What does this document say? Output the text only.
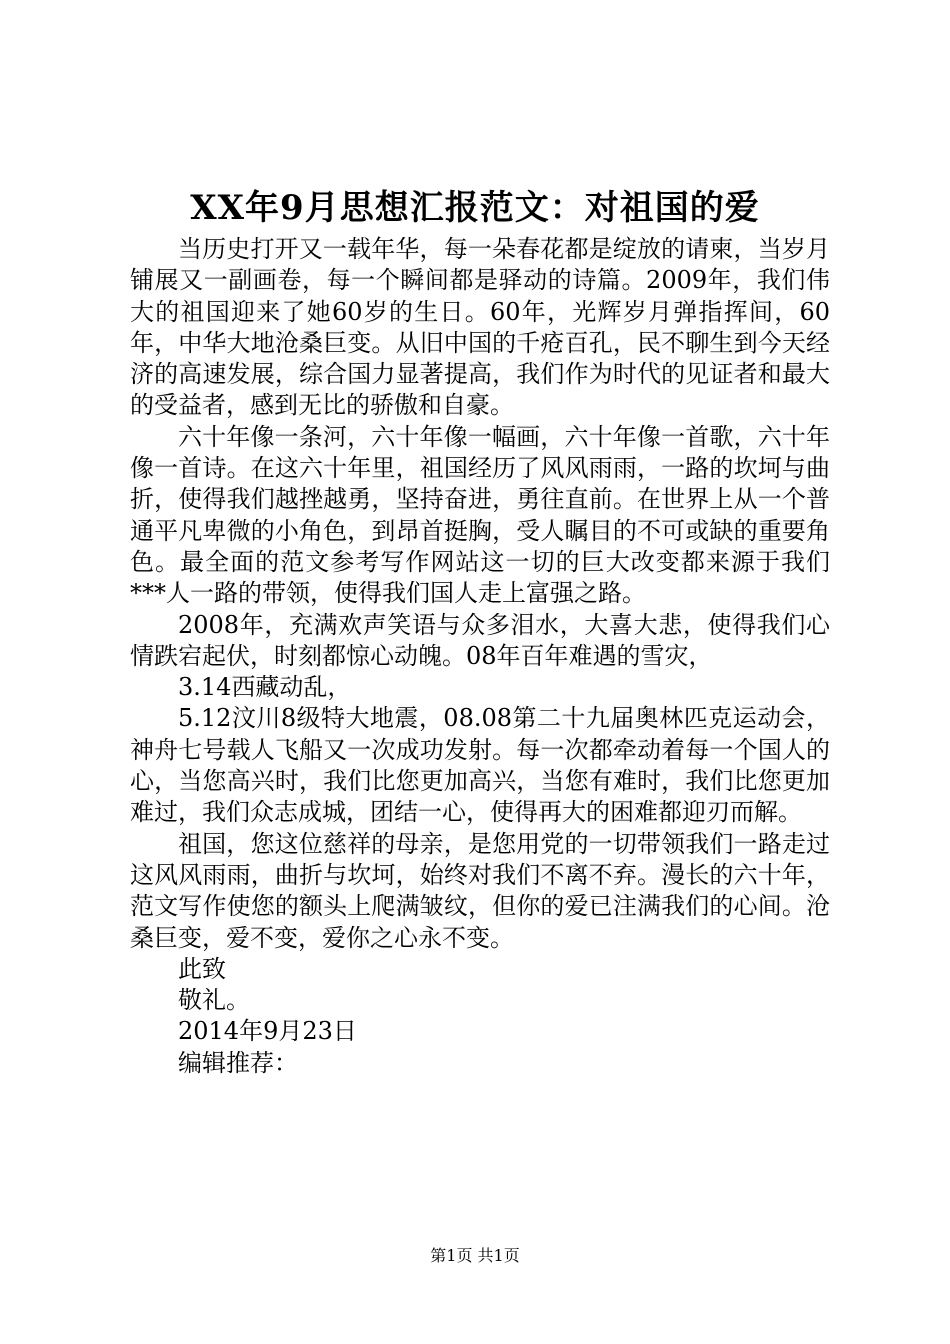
XX年9月思想汇报范文：对祖国的爱

当历史打开又一载年华，每一朵春花都是绽放的请柬，当岁月铺展又一副画卷，每一个瞬间都是驿动的诗篇。2009年，我们伟大的祖国迎来了她60岁的生日。60年，光辉岁月弹指挥间，60年，中华大地沧桑巨变。从旧中国的千疮百孔，民不聊生到今天经济的高速发展，综合国力显著提高，我们作为时代的见证者和最大的受益者，感到无比的骄傲和自豪。

六十年像一条河，六十年像一幅画，六十年像一首歌，六十年像一首诗。在这六十年里，祖国经历了风风雨雨，一路的坎坷与曲折，使得我们越挫越勇，坚持奋进，勇往直前。在世界上从一个普通平凡卑微的小角色，到昂首挺胸，受人瞩目的不可或缺的重要角色。最全面的范文参考写作网站这一切的巨大改变都来源于我们***人一路的带领，使得我们国人走上富强之路。

2008年，充满欢声笑语与众多泪水，大喜大悲，使得我们心情跌宕起伏，时刻都惊心动魄。08年百年难遇的雪灾，

3.14西藏动乱，

5.12汶川8级特大地震，08.08第二十九届奥林匹克运动会，神舟七号载人飞船又一次成功发射。每一次都牵动着每一个国人的心，当您高兴时，我们比您更加高兴，当您有难时，我们比您更加难过，我们众志成城，团结一心，使得再大的困难都迎刃而解。

祖国，您这位慈祥的母亲，是您用党的一切带领我们一路走过这风风雨雨，曲折与坎坷，始终对我们不离不弃。漫长的六十年，范文写作使您的额头上爬满皱纹，但你的爱已注满我们的心间。沧桑巨变，爱不变，爱你之心永不变。

此致

敬礼。

2014年9月23日

编辑推荐：

第1页 共1页
